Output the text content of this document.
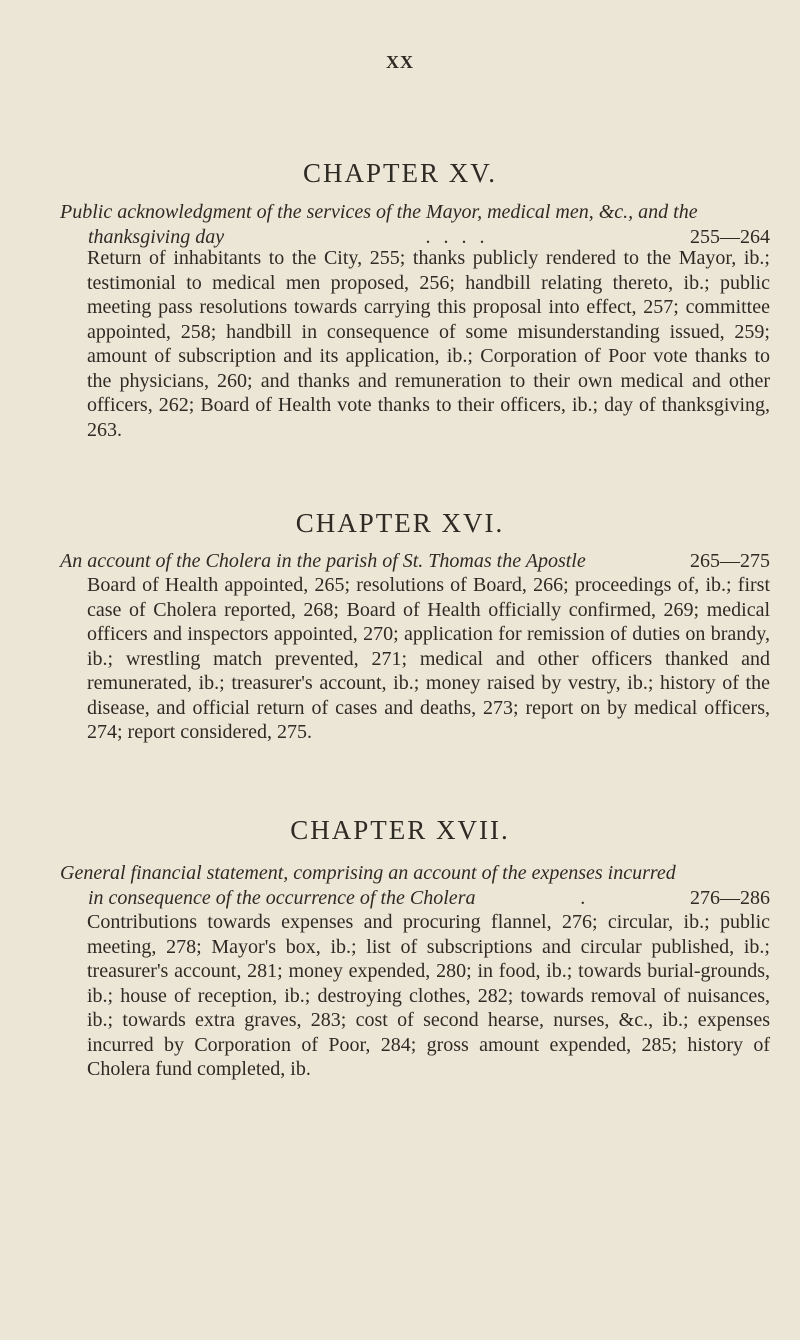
XX
CHAPTER XV.
Public acknowledgment of the services of the Mayor, medical men, &c., and the
thanksgiving day	. . . .	255—264
Return of inhabitants to the City, 255; thanks publicly rendered to the Mayor, ib.; testimonial to medical men proposed, 256; handbill relating thereto, ib.; public meeting pass resolutions towards carrying this proposal into effect, 257; committee appointed, 258; handbill in consequence of some misunderstanding issued, 259; amount of subscription and its application, ib.; Corporation of Poor vote thanks to the physicians, 260; and thanks and remuneration to their own medical and other officers, 262; Board of Health vote thanks to their officers, ib.; day of thanksgiving, 263.
CHAPTER XVI.
An account of the Cholera in the parish of St. Thomas the Apostle	265—275
Board of Health appointed, 265; resolutions of Board, 266; proceedings of, ib.; first case of Cholera reported, 268; Board of Health officially confirmed, 269; medical officers and inspectors appointed, 270; application for remission of duties on brandy, ib.; wrestling match prevented, 271; medical and other officers thanked and remunerated, ib.; treasurer's account, ib.; money raised by vestry, ib.; history of the disease, and official return of cases and deaths, 273; report on by medical officers, 274; report considered, 275.
CHAPTER XVII.
General financial statement, comprising an account of the expenses incurred
in consequence of the occurrence of the Cholera	.	276—286
Contributions towards expenses and procuring flannel, 276; circular, ib.; public meeting, 278; Mayor's box, ib.; list of subscriptions and circular published, ib.; treasurer's account, 281; money expended, 280; in food, ib.; towards burial-grounds, ib.; house of reception, ib.; destroying clothes, 282; towards removal of nuisances, ib.; towards extra graves, 283; cost of second hearse, nurses, &c., ib.; expenses incurred by Corporation of Poor, 284; gross amount expended, 285; history of Cholera fund completed, ib.
